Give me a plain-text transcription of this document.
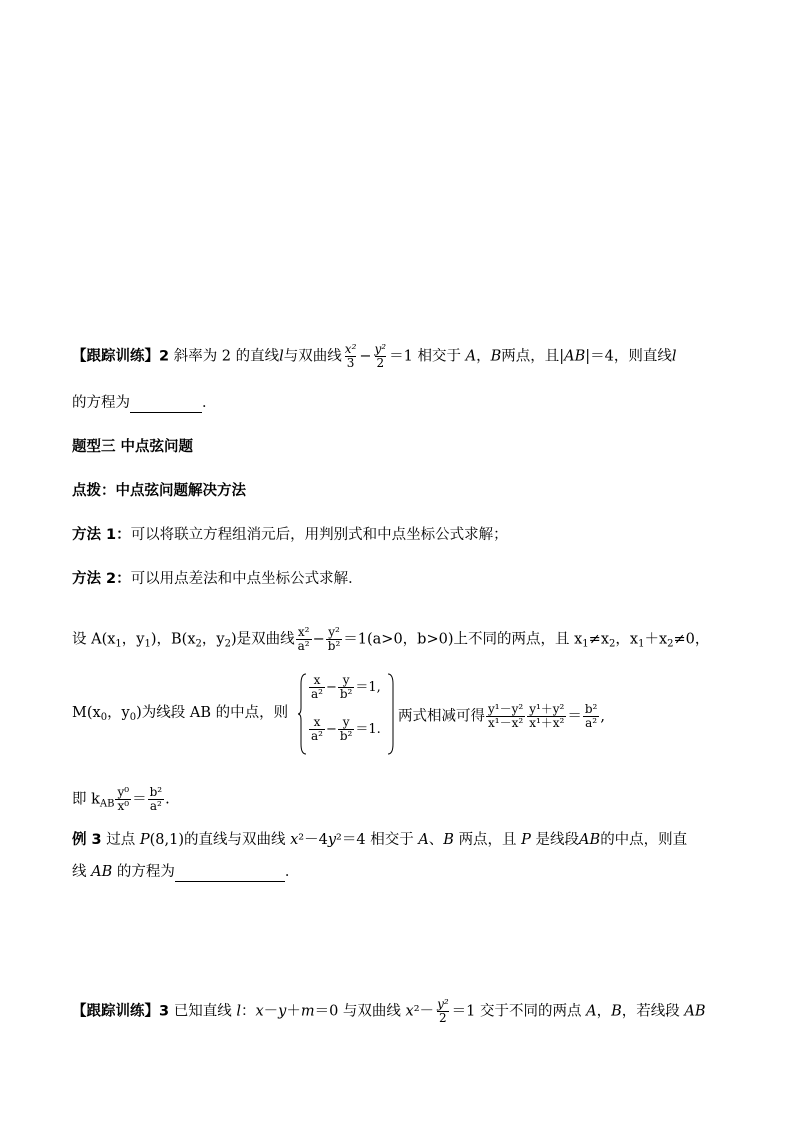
【跟踪训练】2 斜率为 2 的直线l与双曲线 $\frac{\text{x²}}{3} - \frac{\text{y²}}{2} =1$ 相交于 A，B两点，且|AB|＝4，则直线l
的方程为	．
题型三 中点弦问题
点拨：中点弦问题解决方法
方法 1：可以将联立方程组消元后，用判别式和中点坐标公式求解；
方法 2：可以用点差法和中点坐标公式求解．
设 $A(x_1$，$y_1$)，$B(x_2$，$y_2$)是双曲线 $\frac{\text{x²}}{\text{a²}} - \frac{\text{y²}}{\text{b²}} =1(a>0$，b>0)上不同的两点，且 $x_1\ne x_2$，$x_1+x_2\ne 0$，
$M(x_0$，$y_0$)为线段 AB 的中点，则
$\frac{x}{\text{a²}} - \frac{y}{\text{b²}} =1$,
$\frac{x}{\text{a²}} - \frac{y}{\text{b²}} =1$.
两式相减可得 $\frac{\text{y¹－y²}}{\text{x¹－x²}} \frac{\text{y¹＋y²}}{\text{x¹＋x²}} = \frac{\text{b²}}{\text{a²}}$ ,
即 $k_{AB} \frac{\text{y⁰}}{\text{x⁰}} = \frac{\text{b²}}{\text{a²}}$ .
例 3 过点 P(8,1)的直线与双曲线 x²－4y²＝4 相交于 A、B 两点，且 P 是线段AB的中点，则直
线 AB 的方程为	．
【跟踪训练】3 已知直线 l：x－y＋m＝0 与双曲线 $x^2- \frac{\text{y²}}{2} =1$ 交于不同的两点 A，B，若线段 AB
